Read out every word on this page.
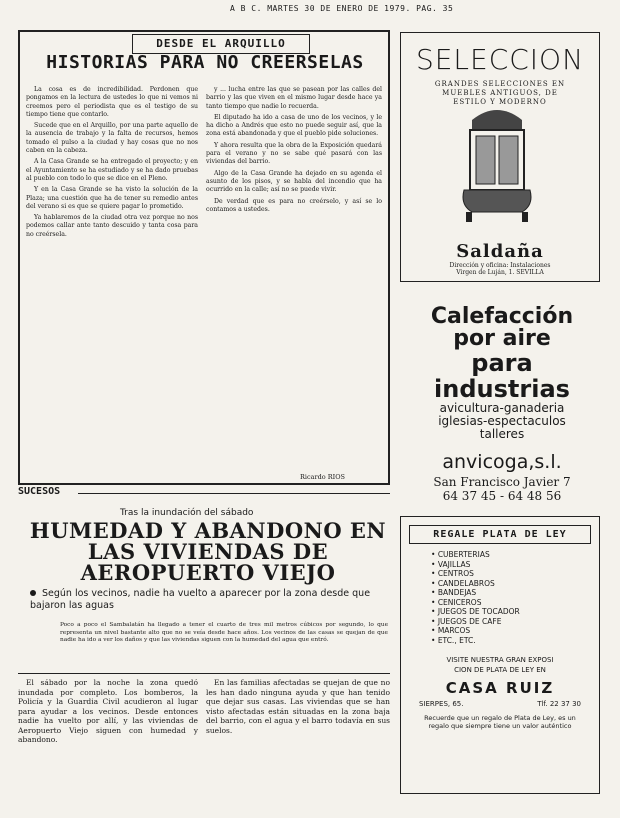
A B C. MARTES 30 DE ENERO DE 1979. PAG. 35
DESDE EL ARQUILLO
HISTORIAS PARA NO CREERSELAS

La cosa es de incredibilidad. Perdonen que pongamos en la lectura de ustedes lo que ni vemos ni creemos pero el periodista que es el testigo de su tiempo tiene que contarlo.

Sucede que en el Arquillo, por una parte aquello de la ausencia de trabajo y la falta de recursos, hemos tomado el pulso a la ciudad y hay cosas que no nos caben en la cabeza.

A la Casa Grande se ha entregado el proyecto; y en el Ayuntamiento se ha estudiado y se ha dado pruebas al pueblo con todo lo que se dice en el Pleno.

Y en la Casa Grande se ha visto la solución de la Plaza; una cuestión que ha de tener su remedio antes del verano si es que se quiere pagar lo prometido.

Ya hablaremos de la ciudad otra vez porque no nos podemos callar ante tanto descuido y tanta cosa para no creérsela.

y ... lucha entre las que se pasean por las calles del barrio y las que viven en el mismo lugar desde hace ya tanto tiempo que nadie lo recuerda.

El diputado ha ido a casa de uno de los vecinos, y le ha dicho a Andrés que esto no puede seguir así, que la zona está abandonada y que el pueblo pide soluciones.

Y ahora resulta que la obra de la Exposición quedará para el verano y no se sabe qué pasará con las viviendas del barrio.

Algo de la Casa Grande ha dejado en su agenda el asunto de los pisos, y se habla del incendio que ha ocurrido en la calle; así no se puede vivir.

De verdad que es para no creérselo, y así se lo contamos a ustedes.

Ricardo RIOS
SUCESOS
Tras la inundación del sábado
HUMEDAD Y ABANDONO EN LAS VIVIENDAS DE AEROPUERTO VIEJO
Según los vecinos, nadie ha vuelto a aparecer por la zona desde que bajaron las aguas
Poco a poco el Sambalatán ha llegado a tener el cuarto de tres mil metros cúbicos por segundo, lo que representa un nivel bastante alto que no se veía desde hace años. Los vecinos de las casas se quejan de que nadie ha ido a ver los daños y que las viviendas siguen con la humedad del agua que entró.

El sábado por la noche la zona quedó inundada por completo. Los bomberos, la Policía y la Guardia Civil acudieron al lugar para ayudar a los vecinos. Desde entonces nadie ha vuelto por allí, y las viviendas de Aeropuerto Viejo siguen con humedad y abandono.

En las familias afectadas se quejan de que no les han dado ninguna ayuda y que han tenido que dejar sus casas. Las viviendas que se han visto afectadas están situadas en la zona baja del barrio, con el agua y el barro todavía en sus suelos.

SELECCION
GRANDES SELECCIONES EN
MUEBLES ANTIGUOS, DE
ESTILO Y MODERNO
Saldaña
Dirección y oficina: Instalaciones
Virgen de Luján, 1. SEVILLA
Calefacción
por aire
para industrias
avicultura-ganaderia
iglesias-espectaculos
talleres
anvicoga,s.l.
San Francisco Javier 7
64 37 45 - 64 48 56
REGALE PLATA DE LEY
• CUBERTERIAS
• VAJILLAS
• CENTROS
• CANDELABROS
• BANDEJAS
• CENICEROS
• JUEGOS DE TOCADOR
• JUEGOS DE CAFE
• MARCOS
• ETC., ETC.
VISITE NUESTRA GRAN EXPOSI
CION DE PLATA DE LEY EN
CASA RUIZ
SIERPES, 65.	Tlf. 22 37 30
Recuerde que un regalo de Plata de Ley, es un regalo que siempre tiene un valor auténtico
